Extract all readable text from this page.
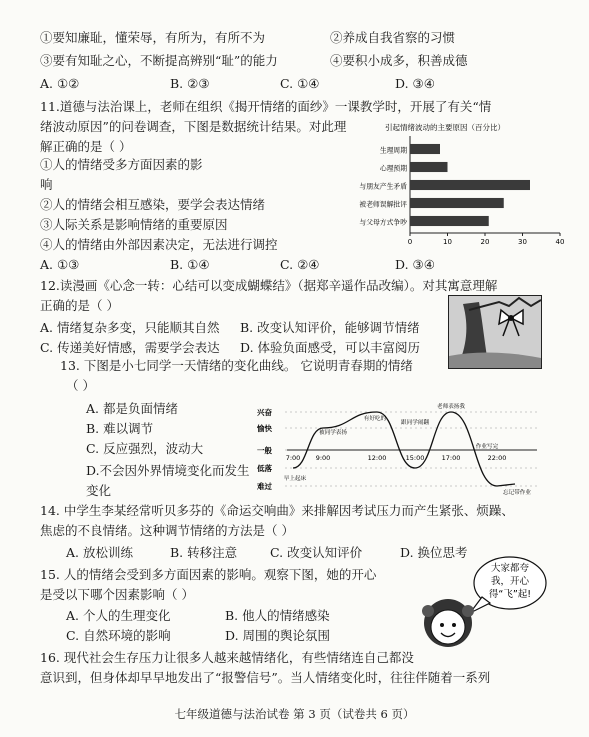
①要知廉耻，懂荣辱，有所为，有所不为	②养成自我省察的习惯
③要有知耻之心，不断提高辨别“耻”的能力	④要积小成多，积善成德
A. ①②	B. ②③	C. ①④	D. ③④
11.道德与法治课上，老师在组织《揭开情绪的面纱》一课教学时，开展了有关“情
绪波动原因”的问卷调查，下图是数据统计结果。对此理
解正确的是（ ）
①人的情绪受多方面因素的影
响
②人的情绪会相互感染，要学会表达情绪
③人际关系是影响情绪的重要原因
④人的情绪由外部因素决定，无法进行调控
A. ①③	B. ①④	C. ②④	D. ③④
引起情绪波动的主要原因（百分比）
生理周期
心理预期
与朋友产生矛盾
被老师误解批评
与父母方式争吵
0	10	20	30	40
12.读漫画《心念一转：心结可以变成蝴蝶结》（据郑辛遥作品改编）。对其寓意理解
正确的是（ ）
A. 情绪复杂多变，只能顺其自然 B. 改变认知评价，能够调节情绪
C. 传递美好情感，需要学会表达 D. 体验负面感受，可以丰富阅历
13. 下图是小七同学一天情绪的变化曲线。 它说明青春期的情绪
（ ）
A. 都是负面情绪
B. 难以调节
C. 反应强烈，波动大
D.不会因外界情境变化而发生
变化
兴奋
愉快
一般
低落
难过
7:00 9:00	12:00	15:00	17:00	22:00
早上起床
被同学表扬
有好吃的
跟同学闹翻
老师表扬我
作业写完
忘记带作业
14. 中学生李某经常听贝多芬的《命运交响曲》来排解因考试压力而产生紧张、烦躁、
焦虑的不良情绪。这种调节情绪的方法是（ ）
A. 放松训练	B. 转移注意	C. 改变认知评价	D. 换位思考
15. 人的情绪会受到多方面因素的影响。观察下图，她的开心
是受以下哪个因素影响（ ）
A. 个人的生理变化	B. 他人的情绪感染
C. 自然环境的影响	D. 周围的舆论氛围
大家都夸
我，开心
得“飞”起!
16. 现代社会生存压力让很多人越来越情绪化，有些情绪连自己都没
意识到，但身体却早早地发出了“报警信号”。当人情绪变化时，往往伴随着一系列
七年级道德与法治试卷 第 3 页（试卷共 6 页）
